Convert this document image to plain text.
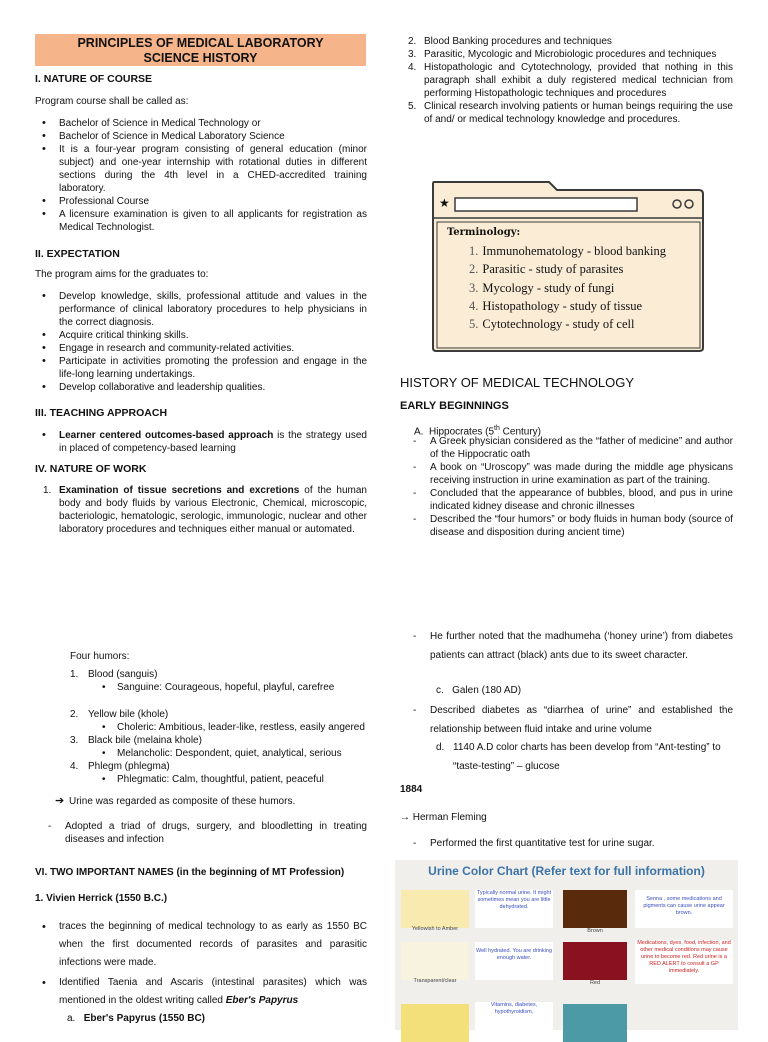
PRINCIPLES OF MEDICAL LABORATORY
SCIENCE HISTORY
I. NATURE OF COURSE
Program course shall be called as:
• Bachelor of Science in Medical Technology or
• Bachelor of Science in Medical Laboratory Science
• It is a four-year program consisting of general education (minor subject) and one-year internship with rotational duties in different sections during the 4th level in a CHED-accredited training laboratory.
• Professional Course
• A licensure examination is given to all applicants for registration as Medical Technologist.
II. EXPECTATION
The program aims for the graduates to:
• Develop knowledge, skills, professional attitude and values in the performance of clinical laboratory procedures to help physicians in the correct diagnosis.
• Acquire critical thinking skills.
• Engage in research and community-related activities.
• Participate in activities promoting the profession and engage in the life-long learning undertakings.
• Develop collaborative and leadership qualities.
III. TEACHING APPROACH
• Learner centered outcomes-based approach is the strategy used in placed of competency-based learning
IV. NATURE OF WORK
1. Examination of tissue secretions and excretions of the human body and body fluids by various Electronic, Chemical, microscopic, bacteriologic, hematologic, serologic, immunologic, nuclear and other laboratory procedures and techniques either manual or automated.
Four humors:
1. Blood (sanguis)
• Sanguine: Courageous, hopeful, playful, carefree
2. Yellow bile (khole)
• Choleric: Ambitious, leader-like, restless, easily angered
3. Black bile (melaina khole)
• Melancholic: Despondent, quiet, analytical, serious
4. Phlegm (phlegma)
• Phlegmatic: Calm, thoughtful, patient, peaceful
➔ Urine was regarded as composite of these humors.
- Adopted a triad of drugs, surgery, and bloodletting in treating diseases and infection
VI. TWO IMPORTANT NAMES (in the beginning of MT Profession)
1. Vivien Herrick (1550 B.C.)
• traces the beginning of medical technology to as early as 1550 BC when the first documented records of parasites and parasitic infections were made.
• Identified Taenia and Ascaris (intestinal parasites) which was mentioned in the oldest writing called Eber's Papyrus
a. Eber's Papyrus (1550 BC)
2. Blood Banking procedures and techniques
3. Parasitic, Mycologic and Microbiologic procedures and techniques
4. Histopathologic and Cytotechnology, provided that nothing in this paragraph shall exhibit a duly registered medical technician from performing Histopathologic techniques and procedures
5. Clinical research involving patients or human beings requiring the use of and/ or medical technology knowledge and procedures.
★
Terminology:
1. Immunohematology - blood banking
2. Parasitic - study of parasites
3. Mycology - study of fungi
4. Histopathology - study of tissue
5. Cytotechnology - study of cell
HISTORY OF MEDICAL TECHNOLOGY
EARLY BEGINNINGS
A. Hippocrates (5th Century)
- A Greek physician considered as the “father of medicine” and author of the Hippocratic oath
- A book on “Uroscopy” was made during the middle age physicans receiving instruction in urine examination as part of the training.
- Concluded that the appearance of bubbles, blood, and pus in urine indicated kidney disease and chronic illnesses
- Described the “four humors” or body fluids in human body (source of disease and disposition during ancient time)
- He further noted that the madhumeha (‘honey urine’) from diabetes patients can attract (black) ants due to its sweet character.
c. Galen (180 AD)
- Described diabetes as “diarrhea of urine” and established the relationship between fluid intake and urine volume
d. 1140 A.D color charts has been develop from “Ant-testing” to “taste-testing” – glucose
1884
→ Herman Fleming
- Performed the first quantitative test for urine sugar.
Urine Color Chart (Refer text for full information)
Yellowish to Amber
Typically normal urine. It might sometimes mean you are little dehydrated.
Brown
Senna , some medications and pigments can cause urine appear brown.
Transparent/clear
Well hydrated. You are drinking enough water.
Red
Medications, dyes, food, infection, and other medical conditions may cause urine to become red. Red urine is a RED ALERT to consult a GP immediately.
Vitamins, diabetes, hypothyroidism,
